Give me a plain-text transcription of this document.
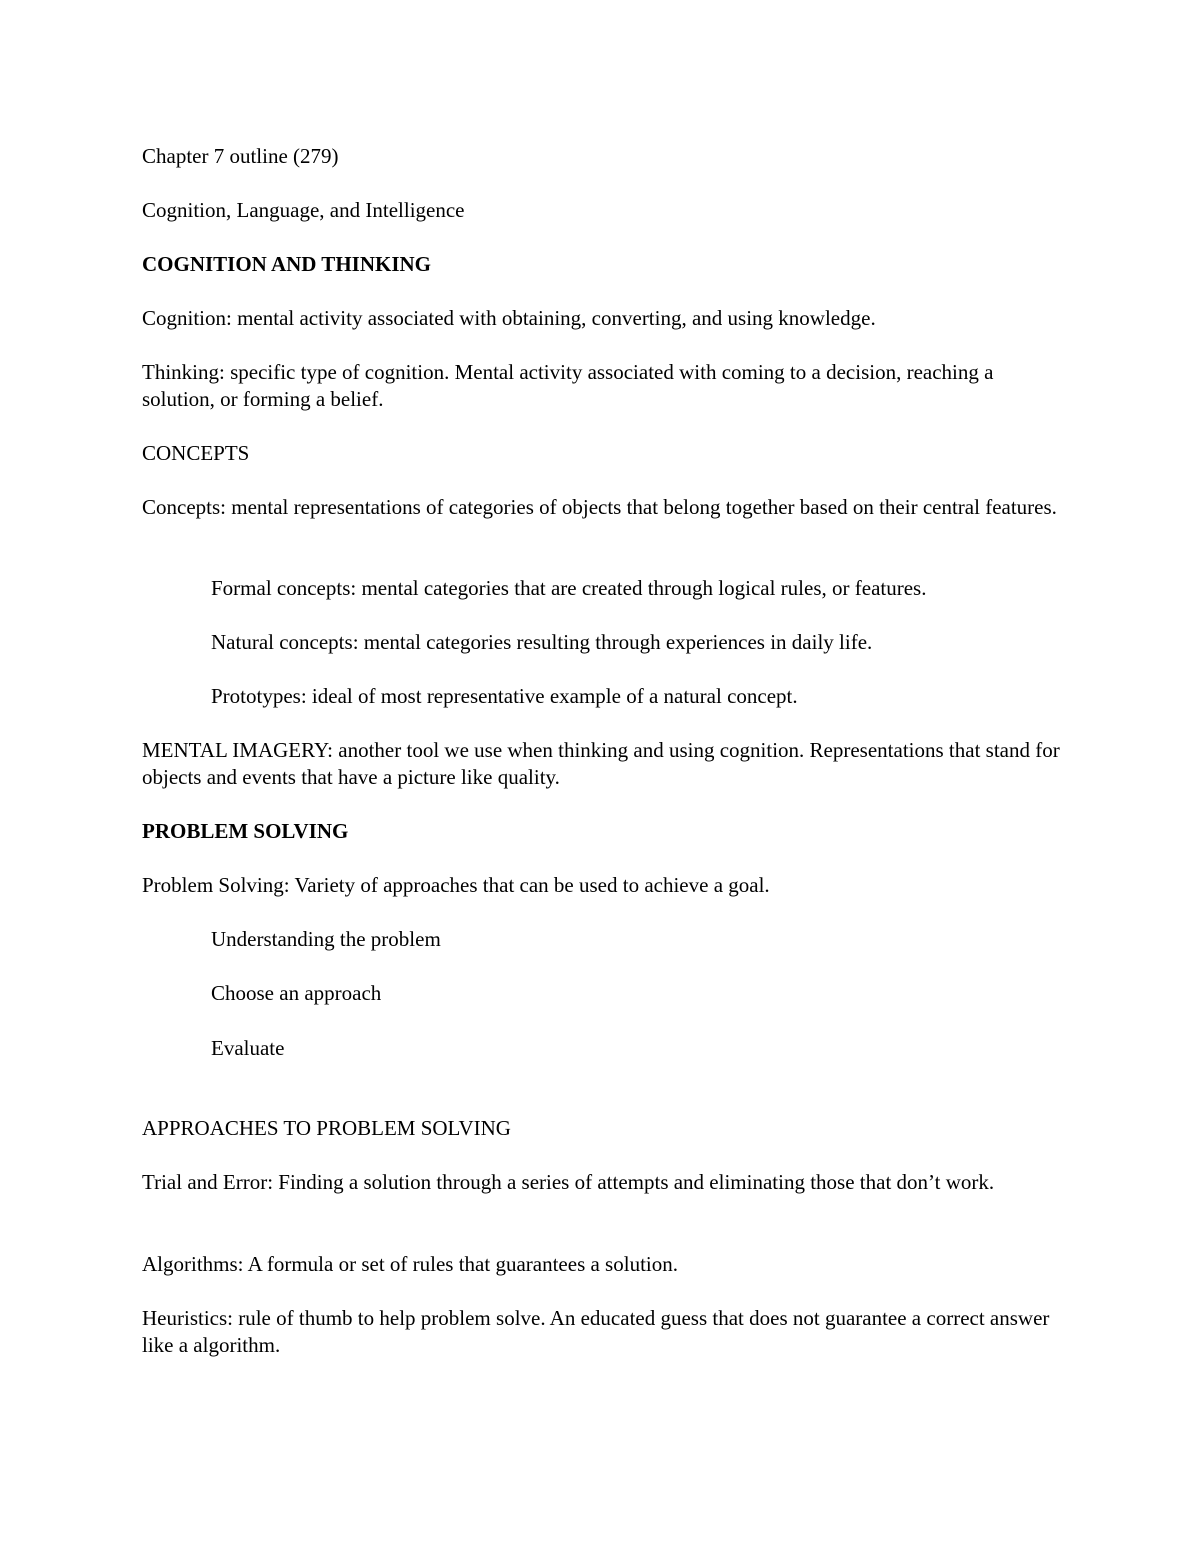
Chapter 7 outline (279)

Cognition, Language, and Intelligence

COGNITION AND THINKING

Cognition: mental activity associated with obtaining, converting, and using knowledge.

Thinking: specific type of cognition. Mental activity associated with coming to a decision, reaching a solution, or forming a belief.

CONCEPTS

Concepts: mental representations of categories of objects that belong together based on their central features.

Formal concepts: mental categories that are created through logical rules, or features.

Natural concepts: mental categories resulting through experiences in daily life.

Prototypes: ideal of most representative example of a natural concept.

MENTAL IMAGERY: another tool we use when thinking and using cognition. Representations that stand for objects and events that have a picture like quality.

PROBLEM SOLVING

Problem Solving: Variety of approaches that can be used to achieve a goal.

Understanding the problem

Choose an approach

Evaluate

APPROACHES TO PROBLEM SOLVING

Trial and Error: Finding a solution through a series of attempts and eliminating those that don’t work.

Algorithms: A formula or set of rules that guarantees a solution.

Heuristics: rule of thumb to help problem solve. An educated guess that does not guarantee a correct answer like a algorithm.
